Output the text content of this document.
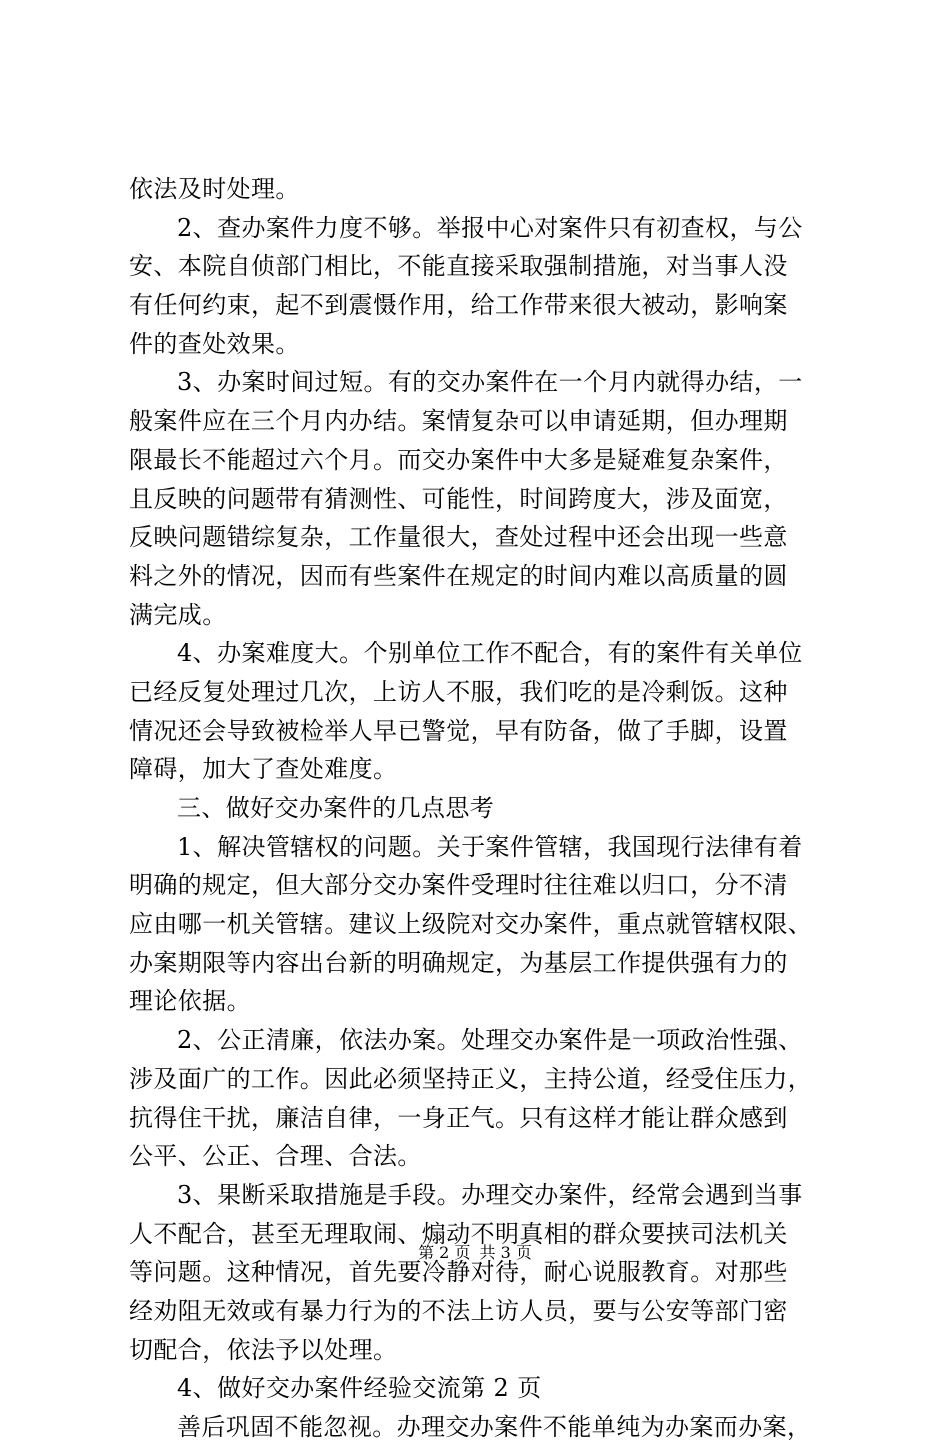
依法及时处理。
2、查办案件力度不够。举报中心对案件只有初查权，与公
安、本院自侦部门相比，不能直接采取强制措施，对当事人没
有任何约束，起不到震慑作用，给工作带来很大被动，影响案
件的查处效果。
3、办案时间过短。有的交办案件在一个月内就得办结，一
般案件应在三个月内办结。案情复杂可以申请延期，但办理期
限最长不能超过六个月。而交办案件中大多是疑难复杂案件，
且反映的问题带有猜测性、可能性，时间跨度大，涉及面宽，
反映问题错综复杂，工作量很大，查处过程中还会出现一些意
料之外的情况，因而有些案件在规定的时间内难以高质量的圆
满完成。
4、办案难度大。个别单位工作不配合，有的案件有关单位
已经反复处理过几次，上访人不服，我们吃的是冷剩饭。这种
情况还会导致被检举人早已警觉，早有防备，做了手脚，设置
障碍，加大了查处难度。
三、做好交办案件的几点思考
1、解决管辖权的问题。关于案件管辖，我国现行法律有着
明确的规定，但大部分交办案件受理时往往难以归口，分不清
应由哪一机关管辖。建议上级院对交办案件，重点就管辖权限、
办案期限等内容出台新的明确规定，为基层工作提供强有力的
理论依据。
2、公正清廉，依法办案。处理交办案件是一项政治性强、
涉及面广的工作。因此必须坚持正义，主持公道，经受住压力，
抗得住干扰，廉洁自律，一身正气。只有这样才能让群众感到
公平、公正、合理、合法。
3、果断采取措施是手段。办理交办案件，经常会遇到当事
人不配合，甚至无理取闹、煽动不明真相的群众要挟司法机关
等问题。这种情况，首先要冷静对待，耐心说服教育。对那些
经劝阻无效或有暴力行为的不法上访人员，要与公安等部门密
切配合，依法予以处理。
4、做好交办案件经验交流第 2 页
善后巩固不能忽视。办理交办案件不能单纯为办案而办案，
第 2 页 共 3 页
